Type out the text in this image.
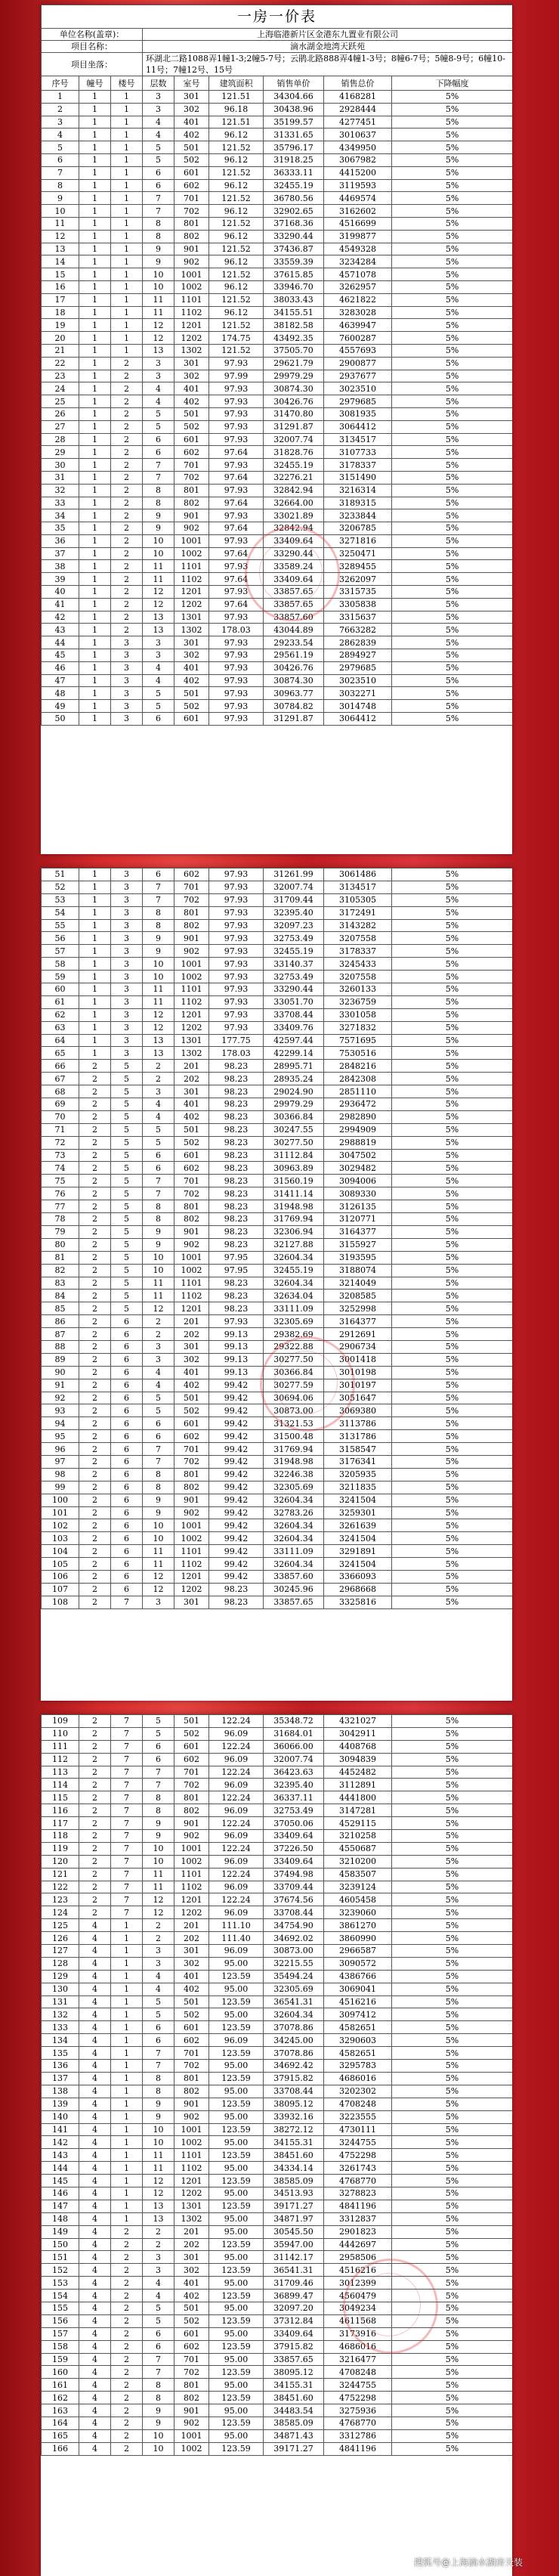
一房一价表								
单位名称(盖章)：			上海临港新片区金港东九置业有限公司					
项目名称：			滴水湖金地湾天跃苑					
项目坐落：			环湖北二路1088弄1幢1-3;2幢5-7号；云鹃北路888弄4幢1-3号；8幢6-7号；5幢8-9号；6幢10-11号；7幢12号、15号					
序号	幢号	楼号	层数	室号	建筑面积	销售单价	销售总价	下降幅度
1	1	1	3	301	121.51	34304.66	4168281	5%
2	1	1	3	302	96.18	30438.96	2928444	5%
3	1	1	4	401	121.51	35199.57	4277451	5%
4	1	1	4	402	96.12	31331.65	3010637	5%
5	1	1	5	501	121.52	35796.17	4349950	5%
6	1	1	5	502	96.12	31918.25	3067982	5%
7	1	1	6	601	121.52	36333.11	4415200	5%
8	1	1	6	602	96.12	32455.19	3119593	5%
9	1	1	7	701	121.52	36780.56	4469574	5%
10	1	1	7	702	96.12	32902.65	3162602	5%
11	1	1	8	801	121.52	37168.36	4516699	5%
12	1	1	8	802	96.12	33290.44	3199877	5%
13	1	1	9	901	121.52	37436.87	4549328	5%
14	1	1	9	902	96.12	33559.39	3234284	5%
15	1	1	10	1001	121.52	37615.85	4571078	5%
16	1	1	10	1002	96.12	33946.70	3262957	5%
17	1	1	11	1101	121.52	38033.43	4621822	5%
18	1	1	11	1102	96.12	34155.51	3283028	5%
19	1	1	12	1201	121.52	38182.58	4639947	5%
20	1	1	12	1202	174.75	43492.35	7600287	5%
21	1	1	13	1302	121.52	37505.70	4557693	5%
22	1	2	3	301	97.93	29621.79	2900877	5%
23	1	2	3	302	97.99	29979.29	2937677	5%
24	1	2	4	401	97.93	30874.30	3023510	5%
25	1	2	4	402	97.93	30426.76	2979685	5%
26	1	2	5	501	97.93	31470.80	3081935	5%
27	1	2	5	502	97.93	31291.87	3064412	5%
28	1	2	6	601	97.93	32007.74	3134517	5%
29	1	2	6	602	97.64	31828.76	3107733	5%
30	1	2	7	701	97.93	32455.19	3178337	5%
31	1	2	7	702	97.64	32276.21	3151490	5%
32	1	2	8	801	97.93	32842.94	3216314	5%
33	1	2	8	802	97.64	32664.00	3189315	5%
34	1	2	9	901	97.93	33021.89	3233844	5%
35	1	2	9	902	97.64	32842.94	3206785	5%
36	1	2	10	1001	97.93	33409.64	3271816	5%
37	1	2	10	1002	97.64	33290.44	3250471	5%
38	1	2	11	1101	97.93	33589.24	3289455	5%
39	1	2	11	1102	97.64	33409.64	3262097	5%
40	1	2	12	1201	97.93	33857.65	3315735	5%
41	1	2	12	1202	97.64	33857.65	3305838	5%
42	1	2	13	1301	97.93	33857.60	3315637	5%
43	1	2	13	1302	178.03	43044.89	7663282	5%
44	1	3	3	301	97.93	29233.54	2862839	5%
45	1	3	3	302	97.93	29561.19	2894927	5%
46	1	3	4	401	97.93	30426.76	2979685	5%
47	1	3	4	402	97.93	30874.30	3023510	5%
48	1	3	5	501	97.93	30963.77	3032271	5%
49	1	3	5	502	97.93	30784.82	3014748	5%
50	1	3	6	601	97.93	31291.87	3064412	5%
51	1	3	6	602	97.93	31261.99	3061486	5%
52	1	3	7	701	97.93	32007.74	3134517	5%
53	1	3	7	702	97.93	31709.44	3105305	5%
54	1	3	8	801	97.93	32395.40	3172491	5%
55	1	3	8	802	97.93	32097.23	3143282	5%
56	1	3	9	901	97.93	32753.49	3207558	5%
57	1	3	9	902	97.93	32455.19	3178337	5%
58	1	3	10	1001	97.93	33140.37	3245433	5%
59	1	3	10	1002	97.93	32753.49	3207558	5%
60	1	3	11	1101	97.93	33290.44	3260133	5%
61	1	3	11	1102	97.93	33051.70	3236759	5%
62	1	3	12	1201	97.93	33708.44	3301058	5%
63	1	3	12	1202	97.93	33409.76	3271832	5%
64	1	3	13	1301	177.75	42597.44	7571695	5%
65	1	3	13	1302	178.03	42299.14	7530516	5%
66	2	5	2	201	98.23	28995.71	2848216	5%
67	2	5	2	202	98.23	28935.24	2842308	5%
68	2	5	3	301	98.23	29024.90	2851110	5%
69	2	5	4	401	98.23	29979.29	2936472	5%
70	2	5	4	402	98.23	30366.84	2982890	5%
71	2	5	5	501	98.23	30247.55	2994909	5%
72	2	5	5	502	98.23	30277.50	2988819	5%
73	2	5	6	601	98.23	31112.84	3047502	5%
74	2	5	6	602	98.23	30963.89	3029482	5%
75	2	5	7	701	98.23	31560.19	3094006	5%
76	2	5	7	702	98.23	31411.14	3089330	5%
77	2	5	8	801	98.23	31948.98	3126135	5%
78	2	5	8	802	98.23	31769.94	3120771	5%
79	2	5	9	901	98.23	32306.94	3164377	5%
80	2	5	9	902	98.23	32127.88	3155927	5%
81	2	5	10	1001	97.95	32604.34	3193595	5%
82	2	5	10	1002	97.95	32455.19	3188074	5%
83	2	5	11	1101	98.23	32604.34	3214049	5%
84	2	5	11	1102	98.23	32634.04	3208585	5%
85	2	5	12	1201	98.23	33111.09	3252998	5%
86	2	6	2	201	97.93	32305.69	3164377	5%
87	2	6	2	202	99.13	29382.69	2912691	5%
88	2	6	3	301	99.13	29322.88	2906734	5%
89	2	6	3	302	99.13	30277.50	3001418	5%
90	2	6	4	401	99.13	30366.84	3010198	5%
91	2	6	4	402	99.42	30277.59	3010197	5%
92	2	6	5	501	99.42	30694.06	3051647	5%
93	2	6	5	502	99.42	30873.00	3069380	5%
94	2	6	6	601	99.42	31321.53	3113786	5%
95	2	6	6	602	99.42	31500.48	3131786	5%
96	2	6	7	701	99.42	31769.94	3158547	5%
97	2	6	7	702	99.42	31948.98	3176341	5%
98	2	6	8	801	99.42	32246.38	3205935	5%
99	2	6	8	802	99.42	32305.69	3211835	5%
100	2	6	9	901	99.42	32604.34	3241504	5%
101	2	6	9	902	99.42	32783.26	3259301	5%
102	2	6	10	1001	99.42	32604.34	3261639	5%
103	2	6	10	1002	99.42	32604.34	3241504	5%
104	2	6	11	1101	99.42	33111.09	3291891	5%
105	2	6	11	1102	99.42	32604.34	3241504	5%
106	2	6	12	1201	99.42	33857.60	3366093	5%
107	2	6	12	1202	98.23	30245.96	2968668	5%
108	2	7	3	301	98.23	33857.65	3325816	5%
109	2	7	5	501	122.24	35348.72	4321027	5%
110	2	7	5	502	96.09	31684.01	3042911	5%
111	2	7	6	601	122.24	36066.00	4408768	5%
112	2	7	6	602	96.09	32007.74	3094839	5%
113	2	7	7	701	122.24	36423.63	4452482	5%
114	2	7	7	702	96.09	32395.40	3112891	5%
115	2	7	8	801	122.24	36337.11	4441800	5%
116	2	7	8	802	96.09	32753.49	3147281	5%
117	2	7	9	901	122.24	37050.06	4529115	5%
118	2	7	9	902	96.09	33409.64	3210258	5%
119	2	7	10	1001	122.24	37226.50	4550687	5%
120	2	7	10	1002	96.09	33409.64	3210200	5%
121	2	7	11	1101	122.24	37494.98	4583507	5%
122	2	7	11	1102	96.09	33709.44	3239124	5%
123	2	7	12	1201	122.24	37674.56	4605458	5%
124	2	7	12	1202	96.09	33708.44	3239060	5%
125	4	1	2	201	111.10	34754.90	3861270	5%
126	4	1	2	202	111.40	34692.02	3860990	5%
127	4	1	3	301	96.09	30873.00	2966587	5%
128	4	1	3	302	95.00	32215.55	3090572	5%
129	4	1	4	401	123.59	35494.24	4386766	5%
130	4	1	4	402	95.00	32305.69	3069041	5%
131	4	1	5	501	123.59	36541.31	4516216	5%
132	4	1	5	502	95.00	32604.34	3097412	5%
133	4	1	6	601	123.59	37078.86	4582651	5%
134	4	1	6	602	96.09	34245.00	3290603	5%
135	4	1	7	701	123.59	37078.86	4582651	5%
136	4	1	7	702	95.00	34692.42	3295783	5%
137	4	1	8	801	123.59	37915.82	4686016	5%
138	4	1	8	802	95.00	33708.44	3202302	5%
139	4	1	9	901	123.59	38095.12	4708248	5%
140	4	1	9	902	95.00	33932.16	3223555	5%
141	4	1	10	1001	123.59	38272.12	4730111	5%
142	4	1	10	1002	95.00	34155.31	3244755	5%
143	4	1	11	1101	123.59	38451.60	4752298	5%
144	4	1	11	1102	95.00	34334.14	3261743	5%
145	4	1	12	1201	123.59	38585.09	4768770	5%
146	4	1	12	1202	95.00	34513.93	3278823	5%
147	4	1	13	1301	123.59	39171.27	4841196	5%
148	4	1	13	1302	95.00	34871.97	3312837	5%
149	4	2	2	201	95.00	30545.50	2901823	5%
150	4	2	2	202	123.59	35947.00	4442697	5%
151	4	2	3	301	95.00	31142.17	2958506	5%
152	4	2	3	302	123.59	36541.31	4516216	5%
153	4	2	4	401	95.00	31709.46	3012399	5%
154	4	2	4	402	123.59	36899.47	4560479	5%
155	4	2	5	501	95.00	32097.20	3049234	5%
156	4	2	5	502	123.59	37312.84	4611568	5%
157	4	2	6	601	95.00	33409.64	3173916	5%
158	4	2	6	602	123.59	37915.82	4686016	5%
159	4	2	7	701	95.00	33857.65	3216477	5%
160	4	2	7	702	123.59	38095.12	4708248	5%
161	4	2	8	801	95.00	34155.31	3244755	5%
162	4	2	8	802	123.59	38451.60	4752298	5%
163	4	2	9	901	95.00	34483.54	3275936	5%
164	4	2	9	902	123.59	38585.09	4768770	5%
165	4	2	10	1001	95.00	34871.43	3312786	5%
166	4	2	10	1002	123.59	39171.27	4841196	5%
搜狐号@上海滴水湖房天装
